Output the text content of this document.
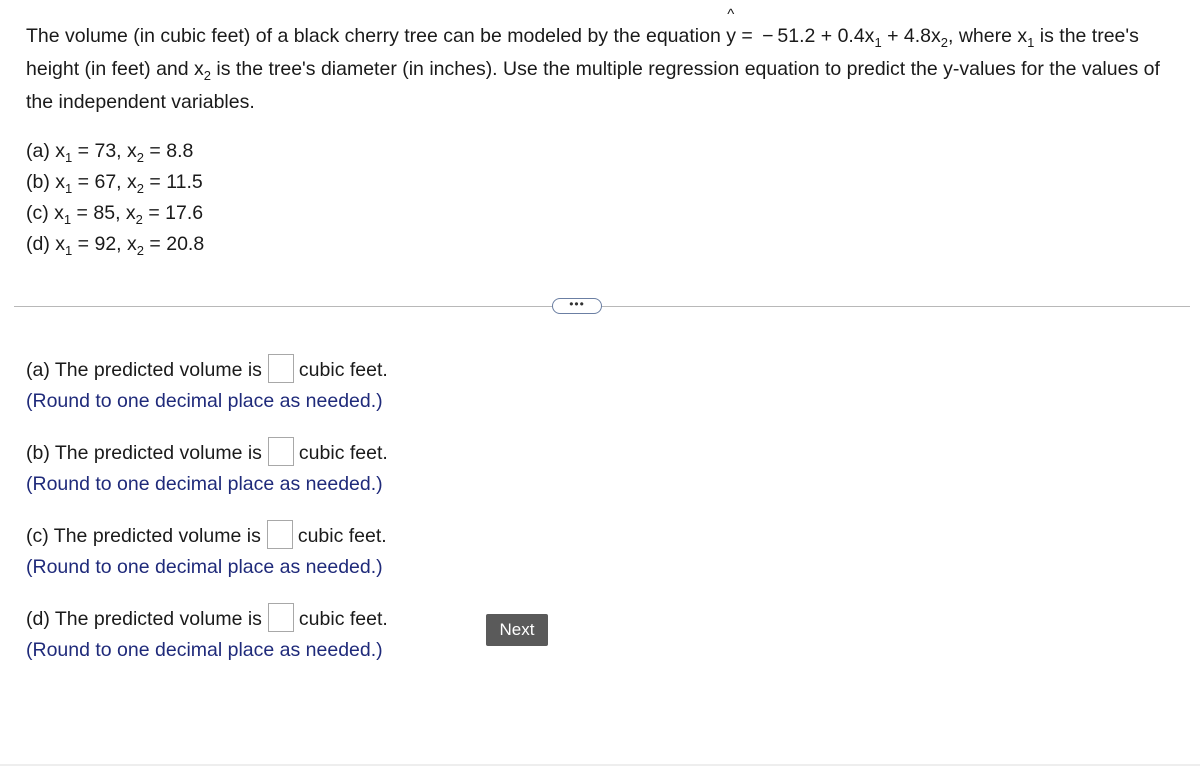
The volume (in cubic feet) of a black cherry tree can be modeled by the equation
^
y =  − $51.2 + 0.4x_1 + 4.8x_2$, where $x_1$ is the tree's height (in feet) and $x_2$ is the tree's diameter (in inches). Use the multiple regression equation to predict the y-values for the values of the independent variables.
(a) $x_1 = 73$, $x_2 = 8.8$
(b) $x_1 = 67$, $x_2 = 11.5$
(c) $x_1 = 85$, $x_2 = 17.6$
(d) $x_1 = 92$, $x_2 = 20.8$
•••
(a) The predicted volume is cubic feet.
(Round to one decimal place as needed.)
(b) The predicted volume is cubic feet.
(Round to one decimal place as needed.)
(c) The predicted volume is cubic feet.
(Round to one decimal place as needed.)
(d) The predicted volume is cubic feet.
(Round to one decimal place as needed.)
Next
